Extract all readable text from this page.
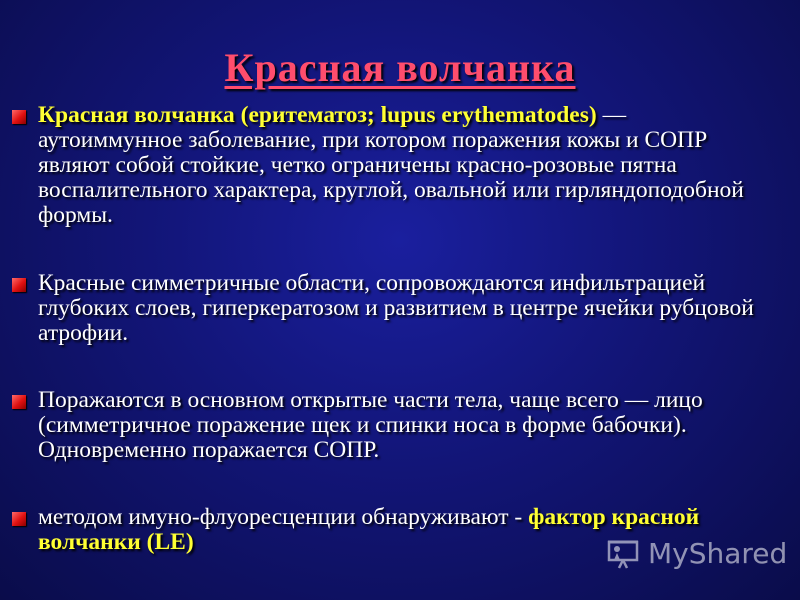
Красная волчанка
Красная волчанка (еритематоз; lupus erythematodes) — аутоиммунное заболевание, при котором поражения кожы и СОПР являют собой стойкие, четко ограничены красно-розовые пятна воспалительного характера, круглой, овальной или гирляндоподобной формы.
Красные симметричные области, сопровождаются инфильтрацией глубоких слоев, гиперкератозом и развитием в центре ячейки рубцовой атрофии.
Поражаются в основном открытые части тела, чаще всего — лицо (симметричное поражение щек и спинки носа в форме бабочки). Одновременно поражается СОПР.
методом имуно-флуоресценции обнаруживают - фактор красной волчанки (LE)	MyShared
